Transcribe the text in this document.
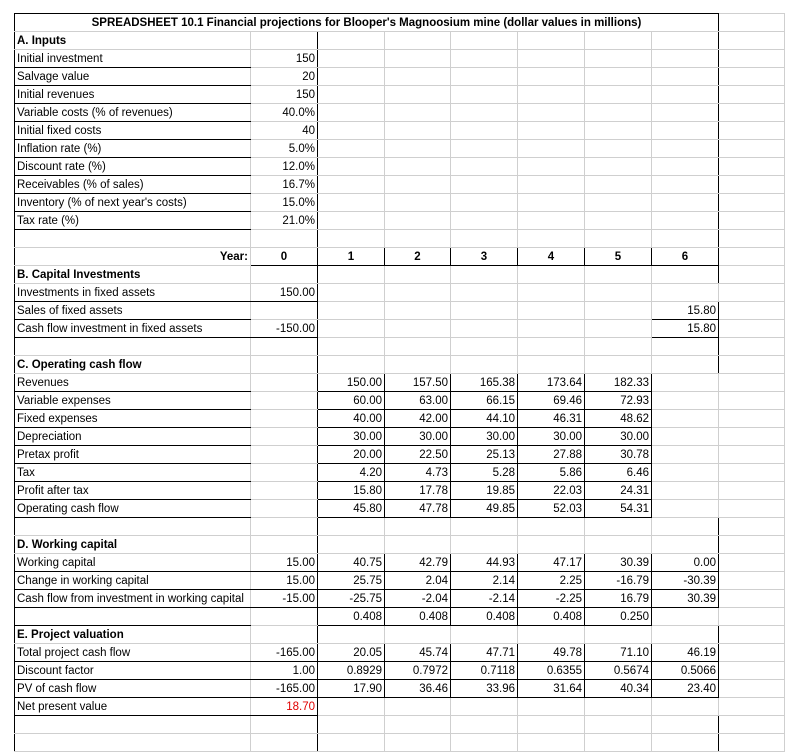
SPREADSHEET 10.1 Financial projections for Blooper's Magnoosium mine (dollar values in millions)								
A. Inputs								
Initial investment	150							
Salvage value	20							
Initial revenues	150							
Variable costs (% of revenues)	40.0%							
Initial fixed costs	40							
Inflation rate (%)	5.0%							
Discount rate (%)	12.0%							
Receivables (% of sales)	16.7%							
Inventory (% of next year's costs)	15.0%							
Tax rate (%)	21.0%							

Year:	0	1	2	3	4	5	6	
B. Capital Investments								
Investments in fixed assets	150.00							
Sales of fixed assets							15.80	
Cash flow investment in fixed assets	-150.00						15.80	

C. Operating cash flow								
Revenues		150.00	157.50	165.38	173.64	182.33		
Variable expenses		60.00	63.00	66.15	69.46	72.93		
Fixed expenses		40.00	42.00	44.10	46.31	48.62		
Depreciation		30.00	30.00	30.00	30.00	30.00		
Pretax profit		20.00	22.50	25.13	27.88	30.78		
Tax		4.20	4.73	5.28	5.86	6.46		
Profit after tax		15.80	17.78	19.85	22.03	24.31		
Operating cash flow		45.80	47.78	49.85	52.03	54.31		

D. Working capital								
Working capital	15.00	40.75	42.79	44.93	47.17	30.39	0.00	
Change in working capital	15.00	25.75	2.04	2.14	2.25	-16.79	-30.39	
Cash flow from investment in working capital	-15.00	-25.75	-2.04	-2.14	-2.25	16.79	30.39	
		0.408	0.408	0.408	0.408	0.250		
E. Project valuation								
Total project cash flow	-165.00	20.05	45.74	47.71	49.78	71.10	46.19	
Discount factor	1.00	0.8929	0.7972	0.7118	0.6355	0.5674	0.5066	
PV of cash flow	-165.00	17.90	36.46	33.96	31.64	40.34	23.40	
Net present value	18.70							
